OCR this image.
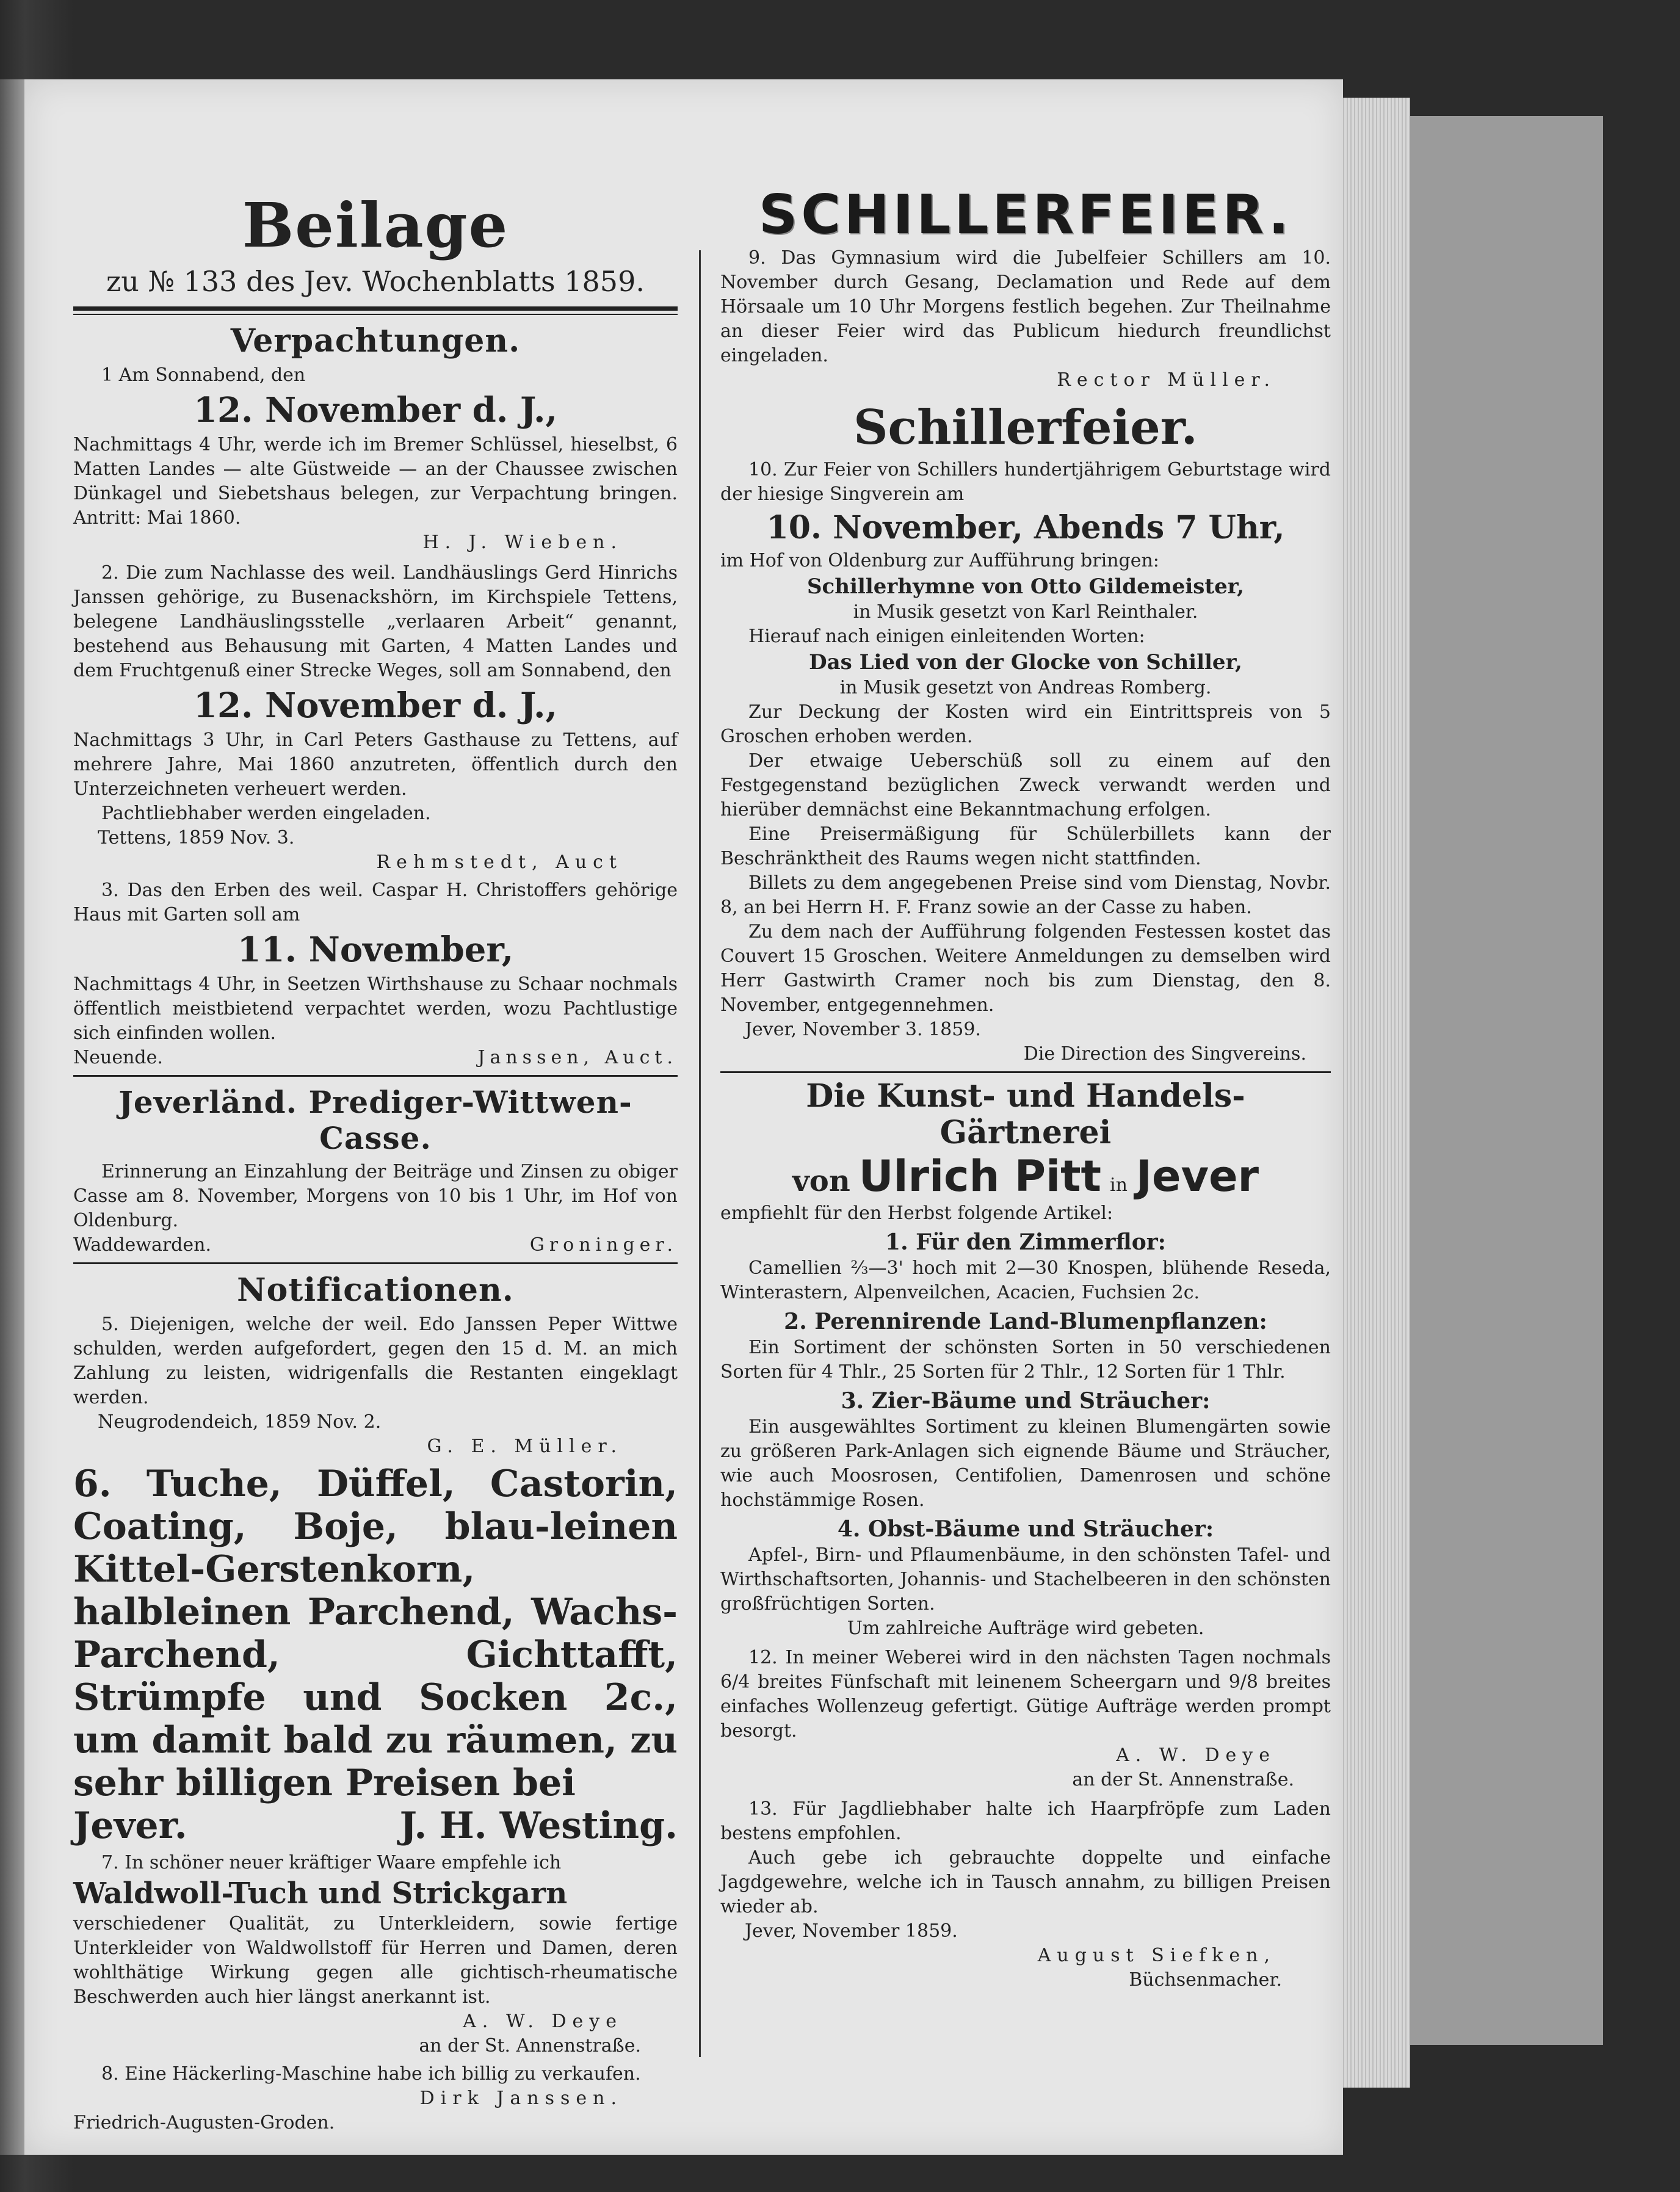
Beilage
zu № 133 des Jev. Wochenblatts 1859.
Verpachtungen.

1 Am Sonnabend, den

12. November d. J.,

Nachmittags 4 Uhr, werde ich im Bremer Schlüssel, hieselbst, 6 Matten Landes — alte Güstweide — an der Chaussee zwischen Dünkagel und Siebetshaus belegen, zur Verpachtung bringen. Antritt: Mai 1860.

H. J. Wieben.

2. Die zum Nachlasse des weil. Landhäuslings Gerd Hinrichs Janssen gehörige, zu Busenackshörn, im Kirchspiele Tettens, belegene Landhäuslingsstelle „verlaaren Arbeit“ genannt, bestehend aus Behausung mit Garten, 4 Matten Landes und dem Fruchtgenuß einer Strecke Weges, soll am Sonnabend, den

12. November d. J.,

Nachmittags 3 Uhr, in Carl Peters Gasthause zu Tettens, auf mehrere Jahre, Mai 1860 anzutreten, öffentlich durch den Unterzeichneten verheuert werden.

Pachtliebhaber werden eingeladen.

Tettens, 1859 Nov. 3.
Rehmstedt, Auct

3. Das den Erben des weil. Caspar H. Christoffers gehörige Haus mit Garten soll am

11. November,

Nachmittags 4 Uhr, in Seetzen Wirthshause zu Schaar nochmals öffentlich meistbietend verpachtet werden, wozu Pachtlustige sich einfinden wollen.

Neuende.	Janssen, Auct.
Jeverländ. Prediger-Wittwen-Cassе.

Erinnerung an Einzahlung der Beiträge und Zinsen zu obiger Casse am 8. November, Morgens von 10 bis 1 Uhr, im Hof von Oldenburg.

Waddewarden.	Groninger.
Notificationen.

5. Diejenigen, welche der weil. Edo Janssen Peper Wittwe schulden, werden aufgefordert, gegen den 15 d. M. an mich Zahlung zu leisten, widrigenfalls die Restanten eingeklagt werden.

Neugrodendeich, 1859 Nov. 2.
G. E. Müller.

6. Tuche, Düffel, Castorin, Coating, Boje, blau-leinen Kittel-Gerstenkorn, halbleinen Parchend, Wachs-Parchend, Gichttafft, Strümpfe und Socken 2c., um damit bald zu räumen, zu sehr billigen Preisen bei

Jever.	J. H. Westing.

7. In schöner neuer kräftiger Waare empfehle ich

Waldwoll-Tuch und Strickgarn

verschiedener Qualität, zu Unterkleidern, sowie fertige Unterkleider von Waldwollstoff für Herren und Damen, deren wohlthätige Wirkung gegen alle gichtisch-rheumatische Beschwerden auch hier längst anerkannt ist.

A. W. Deye
an der St. Annenstraße.

8. Eine Häckerling-Maschine habe ich billig zu verkaufen.

Dirk Janssen.
Friedrich-Augusten-Groden.
SCHILLERFEIER.

9. Das Gymnasium wird die Jubelfeier Schillers am 10. November durch Gesang, Declamation und Rede auf dem Hörsaale um 10 Uhr Morgens festlich begehen. Zur Theilnahme an dieser Feier wird das Publicum hiedurch freundlichst eingeladen.

Rector Müller.
Schillerfeier.

10. Zur Feier von Schillers hundertjährigem Geburtstage wird der hiesige Singverein am

10. November, Abends 7 Uhr,

im Hof von Oldenburg zur Aufführung bringen:

Schillerhymne von Otto Gildemeister,
in Musik gesetzt von Karl Reinthaler.

Hierauf nach einigen einleitenden Worten:

Das Lied von der Glocke von Schiller,
in Musik gesetzt von Andreas Romberg.

Zur Deckung der Kosten wird ein Eintrittspreis von 5 Groschen erhoben werden.

Der etwaige Ueberschüß soll zu einem auf den Festgegenstand bezüglichen Zweck verwandt werden und hierüber demnächst eine Bekanntmachung erfolgen.

Eine Preisermäßigung für Schülerbillets kann der Beschränktheit des Raums wegen nicht stattfinden.

Billets zu dem angegebenen Preise sind vom Dienstag, Novbr. 8, an bei Herrn H. F. Franz sowie an der Casse zu haben.

Zu dem nach der Aufführung folgenden Festessen kostet das Couvert 15 Groschen. Weitere Anmeldungen zu demselben wird Herr Gastwirth Cramer noch bis zum Dienstag, den 8. November, entgegennehmen.

Jever, November 3. 1859.
Die Direction des Singvereins.
Die Kunst- und Handels-Gärtnerei
von Ulrich Pitt in Jever

empfiehlt für den Herbst folgende Artikel:

1. Für den Zimmerflor:

Camellien ⅔—3' hoch mit 2—30 Knospen, blühende Reseda, Winterastern, Alpenveilchen, Acacien, Fuchsien 2c.

2. Perennirende Land-Blumenpflanzen:

Ein Sortiment der schönsten Sorten in 50 verschiedenen Sorten für 4 Thlr., 25 Sorten für 2 Thlr., 12 Sorten für 1 Thlr.

3. Zier-Bäume und Sträucher:

Ein ausgewähltes Sortiment zu kleinen Blumengärten sowie zu größeren Park-Anlagen sich eignende Bäume und Sträucher, wie auch Moosrosen, Centifolien, Damenrosen und schöne hochstämmige Rosen.

4. Obst-Bäume und Sträucher:

Apfel-, Birn- und Pflaumenbäume, in den schönsten Tafel- und Wirthschaftsorten, Johannis- und Stachelbeeren in den schönsten großfrüchtigen Sorten.

Um zahlreiche Aufträge wird gebeten.

12. In meiner Weberei wird in den nächsten Tagen nochmals 6/4 breites Fünfschaft mit leinenem Scheergarn und 9/8 breites einfaches Wollenzeug gefertigt. Gütige Aufträge werden prompt besorgt.

A. W. Deye
an der St. Annenstraße.

13. Für Jagdliebhaber halte ich Haarpfröpfe zum Laden bestens empfohlen.

Auch gebe ich gebrauchte doppelte und einfache Jagdgewehre, welche ich in Tausch annahm, zu billigen Preisen wieder ab.

Jever, November 1859.
August Siefken,
Büchsenmacher.
